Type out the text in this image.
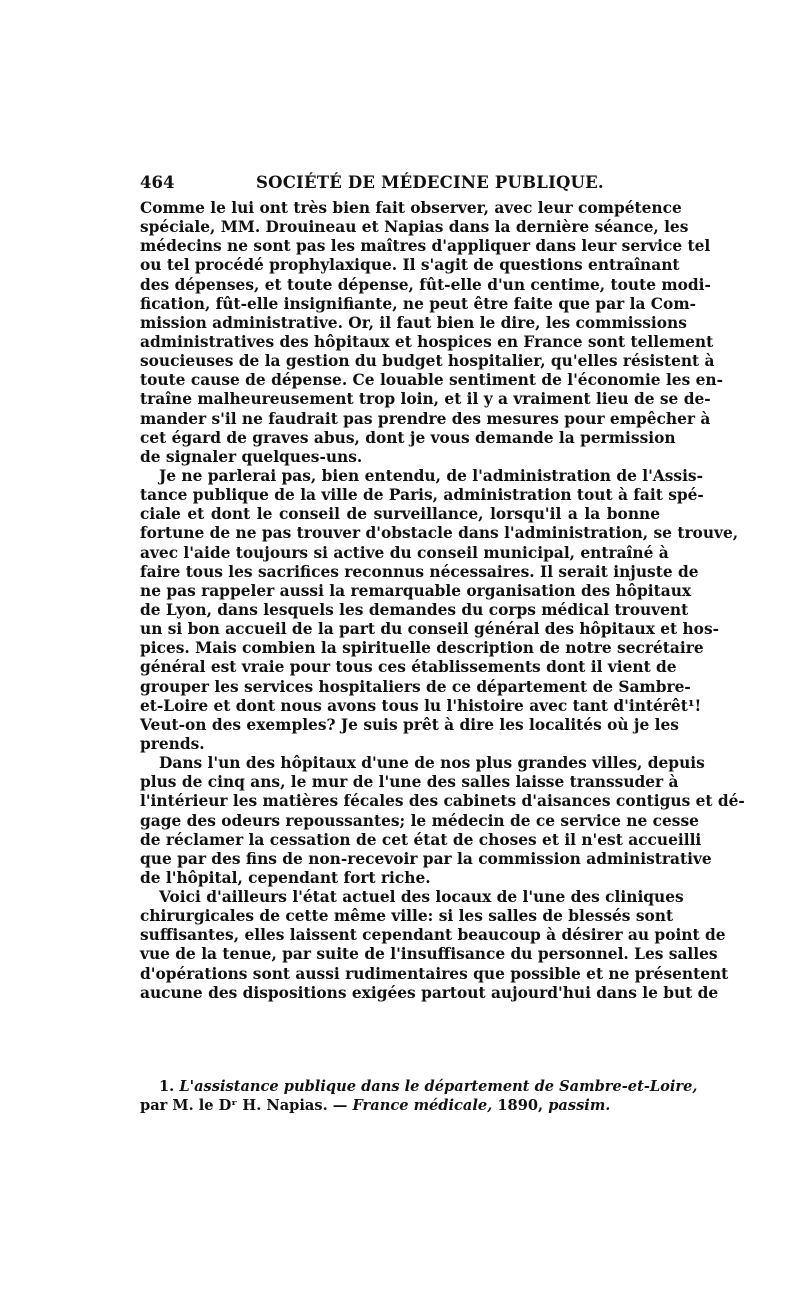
464	SOCIÉTÉ DE MÉDECINE PUBLIQUE.
Comme le lui ont très bien fait observer, avec leur compétence
spéciale, MM. Drouineau et Napias dans la dernière séance, les
médecins ne sont pas les maîtres d'appliquer dans leur service tel
ou tel procédé prophylaxique. Il s'agit de questions entraînant
des dépenses, et toute dépense, fût-elle d'un centime, toute modi-
fication, fût-elle insignifiante, ne peut être faite que par la Com-
mission administrative. Or, il faut bien le dire, les commissions
administratives des hôpitaux et hospices en France sont tellement
soucieuses de la gestion du budget hospitalier, qu'elles résistent à
toute cause de dépense. Ce louable sentiment de l'économie les en-
traîne malheureusement trop loin, et il y a vraiment lieu de se de-
mander s'il ne faudrait pas prendre des mesures pour empêcher à
cet égard de graves abus, dont je vous demande la permission
de signaler quelques-uns.
Je ne parlerai pas, bien entendu, de l'administration de l'Assis-
tance publique de la ville de Paris, administration tout à fait spé-
ciale et dont le conseil de surveillance, lorsqu'il a la bonne
fortune de ne pas trouver d'obstacle dans l'administration, se trouve,
avec l'aide toujours si active du conseil municipal, entraîné à
faire tous les sacrifices reconnus nécessaires. Il serait injuste de
ne pas rappeler aussi la remarquable organisation des hôpitaux
de Lyon, dans lesquels les demandes du corps médical trouvent
un si bon accueil de la part du conseil général des hôpitaux et hos-
pices. Mais combien la spirituelle description de notre secrétaire
général est vraie pour tous ces établissements dont il vient de
grouper les services hospitaliers de ce département de Sambre-
et-Loire et dont nous avons tous lu l'histoire avec tant d'intérêt¹!
Veut-on des exemples? Je suis prêt à dire les localités où je les
prends.
Dans l'un des hôpitaux d'une de nos plus grandes villes, depuis
plus de cinq ans, le mur de l'une des salles laisse transsuder à
l'intérieur les matières fécales des cabinets d'aisances contigus et dé-
gage des odeurs repoussantes; le médecin de ce service ne cesse
de réclamer la cessation de cet état de choses et il n'est accueilli
que par des fins de non-recevoir par la commission administrative
de l'hôpital, cependant fort riche.
Voici d'ailleurs l'état actuel des locaux de l'une des cliniques
chirurgicales de cette même ville: si les salles de blessés sont
suffisantes, elles laissent cependant beaucoup à désirer au point de
vue de la tenue, par suite de l'insuffisance du personnel. Les salles
d'opérations sont aussi rudimentaires que possible et ne présentent
aucune des dispositions exigées partout aujourd'hui dans le but de
1. L'assistance publique dans le département de Sambre-et-Loire,
par M. le Dʳ H. Napias. — France médicale, 1890, passim.
